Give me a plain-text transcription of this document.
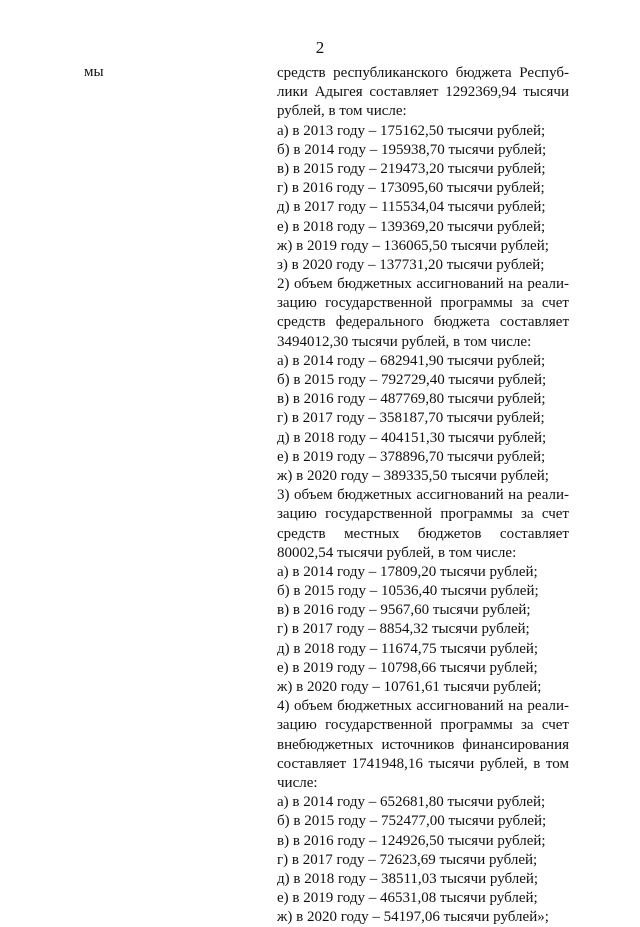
2
мы	средств республиканского бюджета Респуб-
лики Адыгея составляет 1292369,94 тысячи
рублей, в том числе:
а) в 2013 году – 175162,50 тысячи рублей;
б) в 2014 году – 195938,70 тысячи рублей;
в) в 2015 году – 219473,20 тысячи рублей;
г) в 2016 году – 173095,60 тысячи рублей;
д) в 2017 году – 115534,04 тысячи рублей;
е) в 2018 году – 139369,20 тысячи рублей;
ж) в 2019 году – 136065,50 тысячи рублей;
з) в 2020 году – 137731,20 тысячи рублей;
2) объем бюджетных ассигнований на реали-
зацию государственной программы за счет
средств федерального бюджета составляет
3494012,30 тысячи рублей, в том числе:
а) в 2014 году – 682941,90 тысячи рублей;
б) в 2015 году – 792729,40 тысячи рублей;
в) в 2016 году – 487769,80 тысячи рублей;
г) в 2017 году – 358187,70 тысячи рублей;
д) в 2018 году – 404151,30 тысячи рублей;
е) в 2019 году – 378896,70 тысячи рублей;
ж) в 2020 году – 389335,50 тысячи рублей;
3) объем бюджетных ассигнований на реали-
зацию государственной программы за счет
средств местных бюджетов составляет
80002,54 тысячи рублей, в том числе:
а) в 2014 году – 17809,20 тысячи рублей;
б) в 2015 году – 10536,40 тысячи рублей;
в) в 2016 году – 9567,60 тысячи рублей;
г) в 2017 году – 8854,32 тысячи рублей;
д) в 2018 году – 11674,75 тысячи рублей;
е) в 2019 году – 10798,66 тысячи рублей;
ж) в 2020 году – 10761,61 тысячи рублей;
4) объем бюджетных ассигнований на реали-
зацию государственной программы за счет
внебюджетных источников финансирования
составляет 1741948,16 тысячи рублей, в том
числе:
а) в 2014 году – 652681,80 тысячи рублей;
б) в 2015 году – 752477,00 тысячи рублей;
в) в 2016 году – 124926,50 тысячи рублей;
г) в 2017 году – 72623,69 тысячи рублей;
д) в 2018 году – 38511,03 тысячи рублей;
е) в 2019 году – 46531,08 тысячи рублей;
ж) в 2020 году – 54197,06 тысячи рублей»;
